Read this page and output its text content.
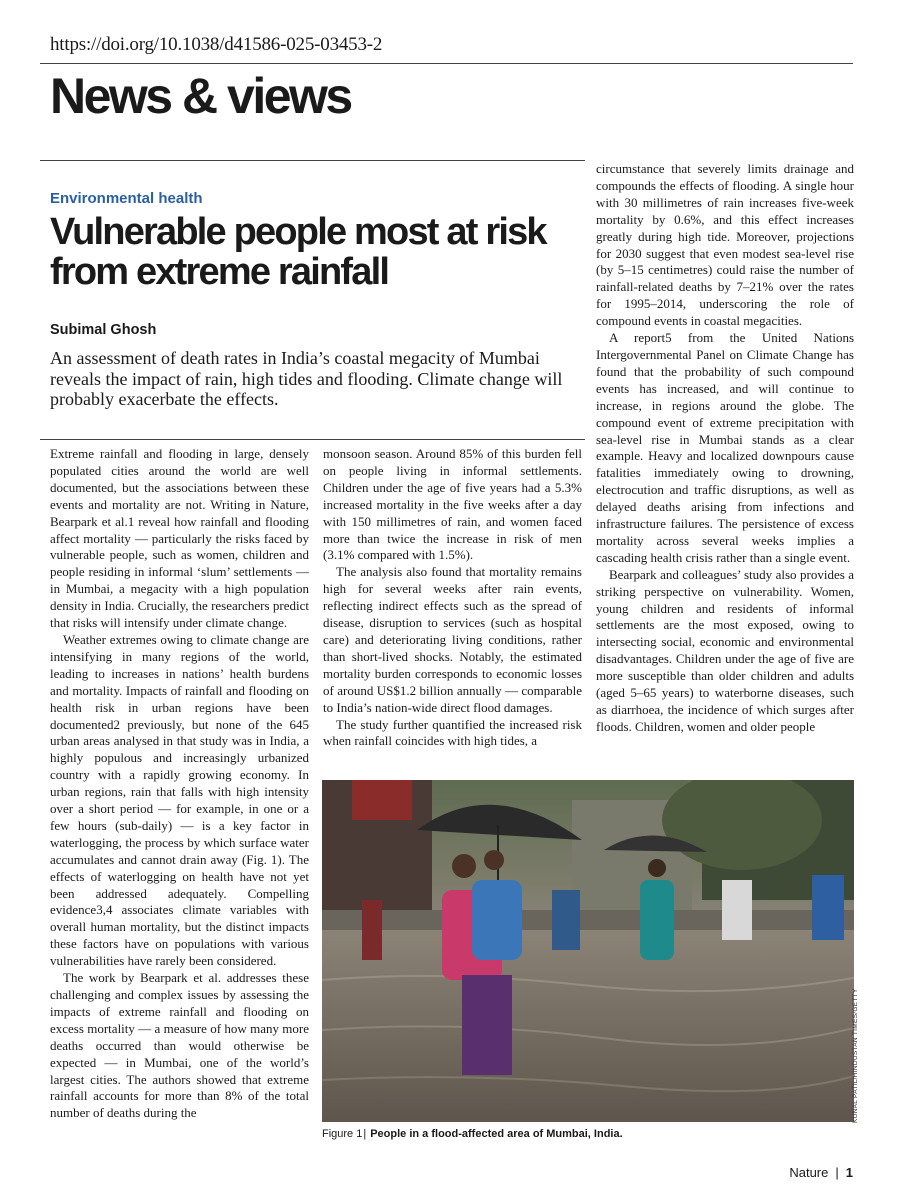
https://doi.org/10.1038/d41586-025-03453-2
News & views
Environmental health
Vulnerable people most at risk from extreme rainfall
Subimal Ghosh

An assessment of death rates in India’s coastal megacity of Mumbai reveals the impact of rain, high tides and flooding. Climate change will probably exacerbate the effects.

Extreme rainfall and flooding in large, densely populated cities around the world are well documented, but the associations between these events and mortality are not. Writing in Nature, Bearpark et al.1 reveal how rainfall and flooding affect mortality — particularly the risks faced by vulnerable people, such as women, children and people residing in informal ‘slum’ settlements — in Mumbai, a megacity with a high population density in India. Crucially, the researchers predict that risks will intensify under climate change.

Weather extremes owing to climate change are intensifying in many regions of the world, leading to increases in nations’ health burdens and mortality. Impacts of rainfall and flooding on health risk in urban regions have been documented2 previously, but none of the 645 urban areas analysed in that study was in India, a highly populous and increasingly urbanized country with a rapidly growing economy. In urban regions, rain that falls with high intensity over a short period — for example, in one or a few hours (sub-daily) — is a key factor in waterlogging, the process by which surface water accumulates and cannot drain away (Fig. 1). The effects of waterlogging on health have not yet been addressed adequately. Compelling evidence3,4 associates climate variables with overall human mortality, but the distinct impacts these factors have on populations with various vulnerabilities have rarely been considered.

The work by Bearpark et al. addresses these challenging and complex issues by assessing the impacts of extreme rainfall and flooding on excess mortality — a measure of how many more deaths occurred than would otherwise be expected — in Mumbai, one of the world’s largest cities. The authors showed that extreme rainfall accounts for more than 8% of the total number of deaths during the

monsoon season. Around 85% of this burden fell on people living in informal settlements. Children under the age of five years had a 5.3% increased mortality in the five weeks after a day with 150 millimetres of rain, and women faced more than twice the increase in risk of men (3.1% compared with 1.5%).

The analysis also found that mortality remains high for several weeks after rain events, reflecting indirect effects such as the spread of disease, disruption to services (such as hospital care) and deteriorating living conditions, rather than short-lived shocks. Notably, the estimated mortality burden corresponds to economic losses of around US$1.2 billion annually — comparable to India’s nation-wide direct flood damages.

The study further quantified the increased risk when rainfall coincides with high tides, a

circumstance that severely limits drainage and compounds the effects of flooding. A single hour with 30 millimetres of rain increases five-week mortality by 0.6%, and this effect increases greatly during high tide. Moreover, projections for 2030 suggest that even modest sea-level rise (by 5–15 centimetres) could raise the number of rainfall-related deaths by 7–21% over the rates for 1995–2014, underscoring the role of compound events in coastal megacities.

A report5 from the United Nations Intergovernmental Panel on Climate Change has found that the probability of such compound events has increased, and will continue to increase, in regions around the globe. The compound event of extreme precipitation with sea-level rise in Mumbai stands as a clear example. Heavy and localized downpours cause fatalities immediately owing to drowning, electrocution and traffic disruptions, as well as delayed deaths arising from infections and infrastructure failures. The persistence of excess mortality across several weeks implies a cascading health crisis rather than a single event.

Bearpark and colleagues’ study also provides a striking perspective on vulnerability. Women, young children and residents of informal settlements are the most exposed, owing to intersecting social, economic and environmental disadvantages. Children under the age of five are more susceptible than older children and adults (aged 5–65 years) to waterborne diseases, such as diarrhoea, the incidence of which surges after floods. Children, women and older people

KUNAL PATIL/HINDUSTAN TIMES/GETTY
Figure 1| People in a flood-affected area of Mumbai, India.
Nature | 1
